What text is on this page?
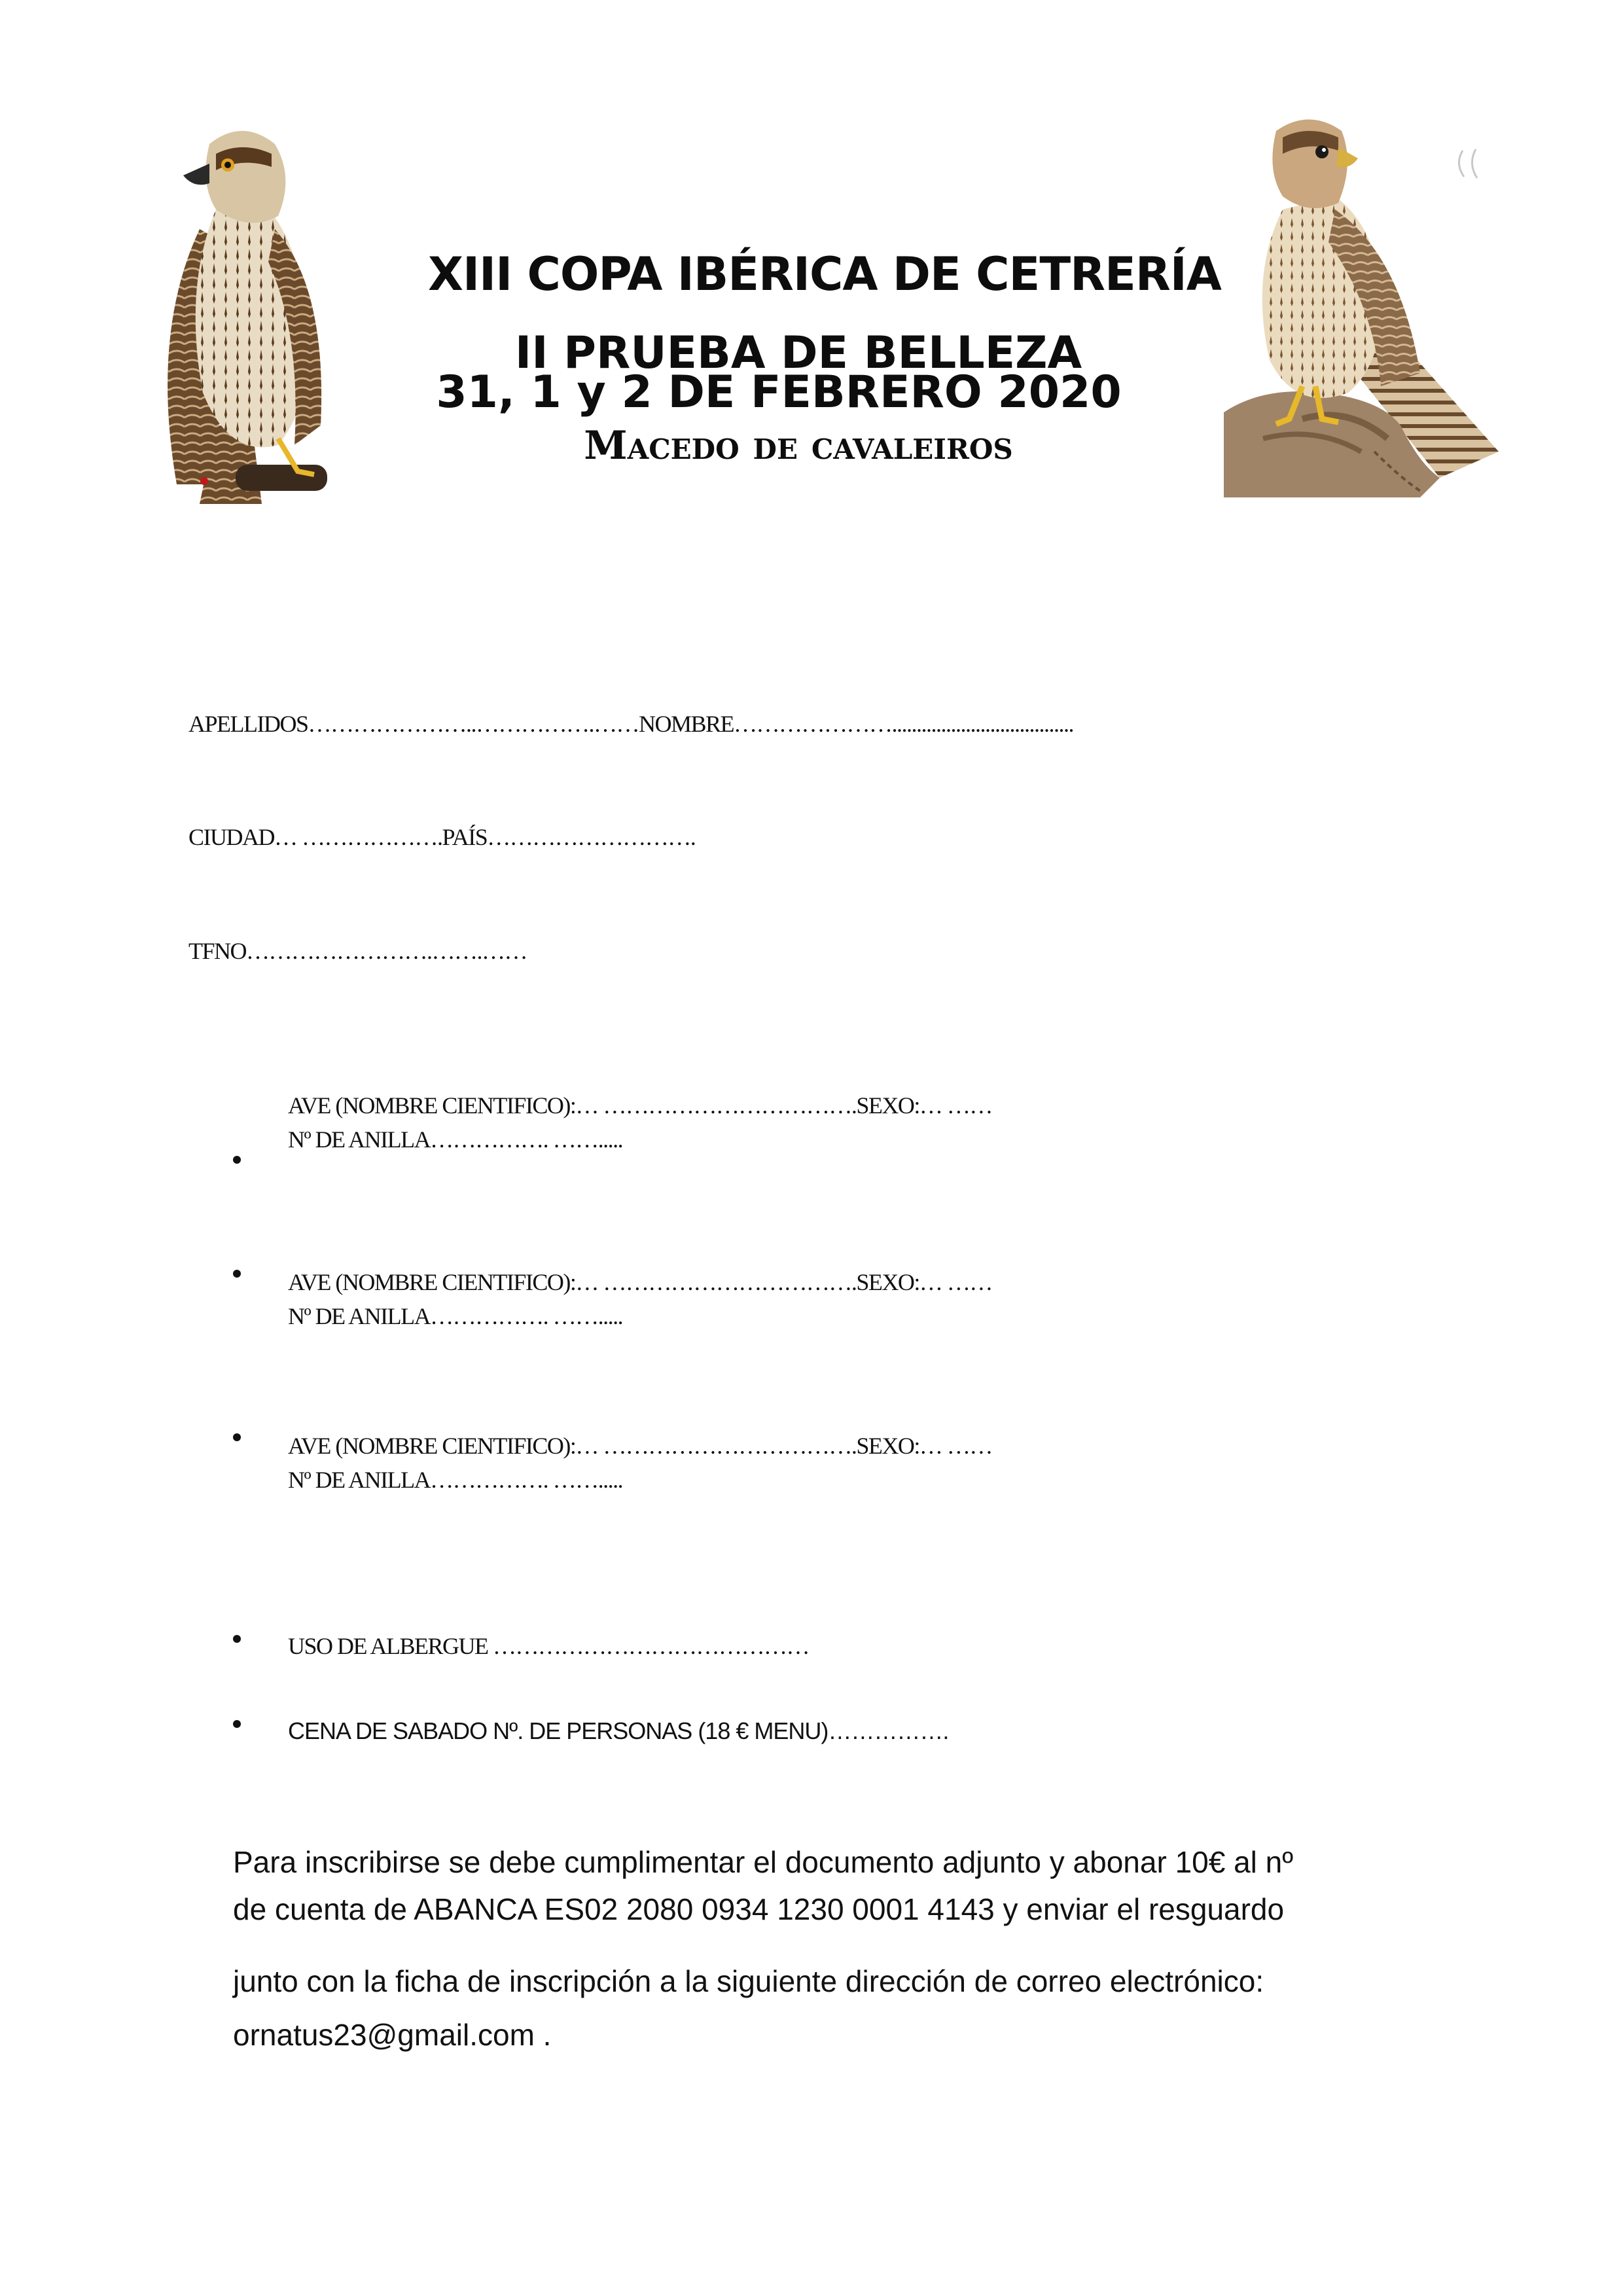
XIII COPA IBÉRICA DE CETRERÍA
II PRUEBA DE BELLEZA
31, 1 y 2 DE FEBRERO 2020
Macedo de cavaleiros
APELLIDOS…………………..…………….……NOMBRE………………….....................................
CIUDAD… ……………….PAÍS……………………….
TFNO…………………….…….……
AVE (NOMBRE CIENTIFICO):… …………………………….SEXO:… ……
Nº DE ANILLA……………. …….....
AVE (NOMBRE CIENTIFICO):… …………………………….SEXO:… ……
Nº DE ANILLA……………. …….....
AVE (NOMBRE CIENTIFICO):… …………………………….SEXO:… ……
Nº DE ANILLA……………. …….....
USO DE ALBERGUE ……………………………………
CENA DE SABADO Nº. DE PERSONAS (18 € MENU)…………….
Para inscribirse se debe cumplimentar el documento adjunto y abonar 10€ al nº
de cuenta de ABANCA ES02 2080 0934 1230 0001 4143 y enviar el resguardo
junto con la ficha de inscripción a la siguiente dirección de correo electrónico:
ornatus23@gmail.com .
